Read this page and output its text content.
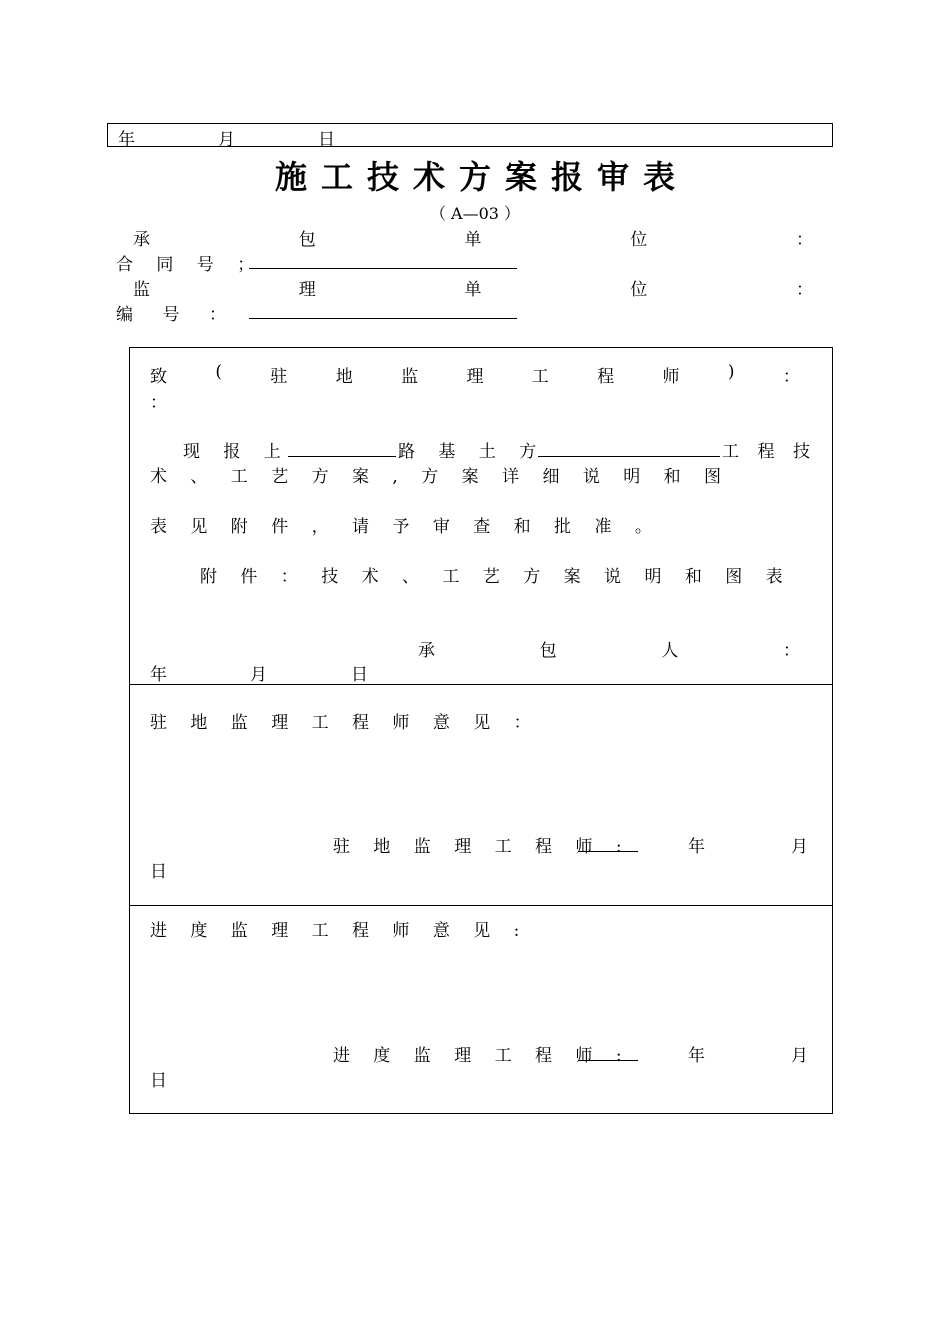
年	月	日
施工技术方案报审表
（ A—03 ）
承	包	单	位	：
合 同 号 ；
监	理	单	位	：
编 号 ：
致	(	驻	地	监	理	工	程	师	)	：
：
现 报 上	路 基 土 方	工 程 技
术 、 工 艺 方 案 , 方 案 详 细 说 明 和 图
表 见 附 件 ， 请 予 审 查 和 批 准 。
附 件 ： 技 术 、 工 艺 方 案 说 明 和 图 表
承	包	人	：
年	月	日
驻 地 监 理 工 程 师 意 见 ：
驻 地 监 理 工 程 师 :	年	月
日
进 度 监 理 工 程 师 意 见 :
进 度 监 理 工 程 师 :	年	月
日
